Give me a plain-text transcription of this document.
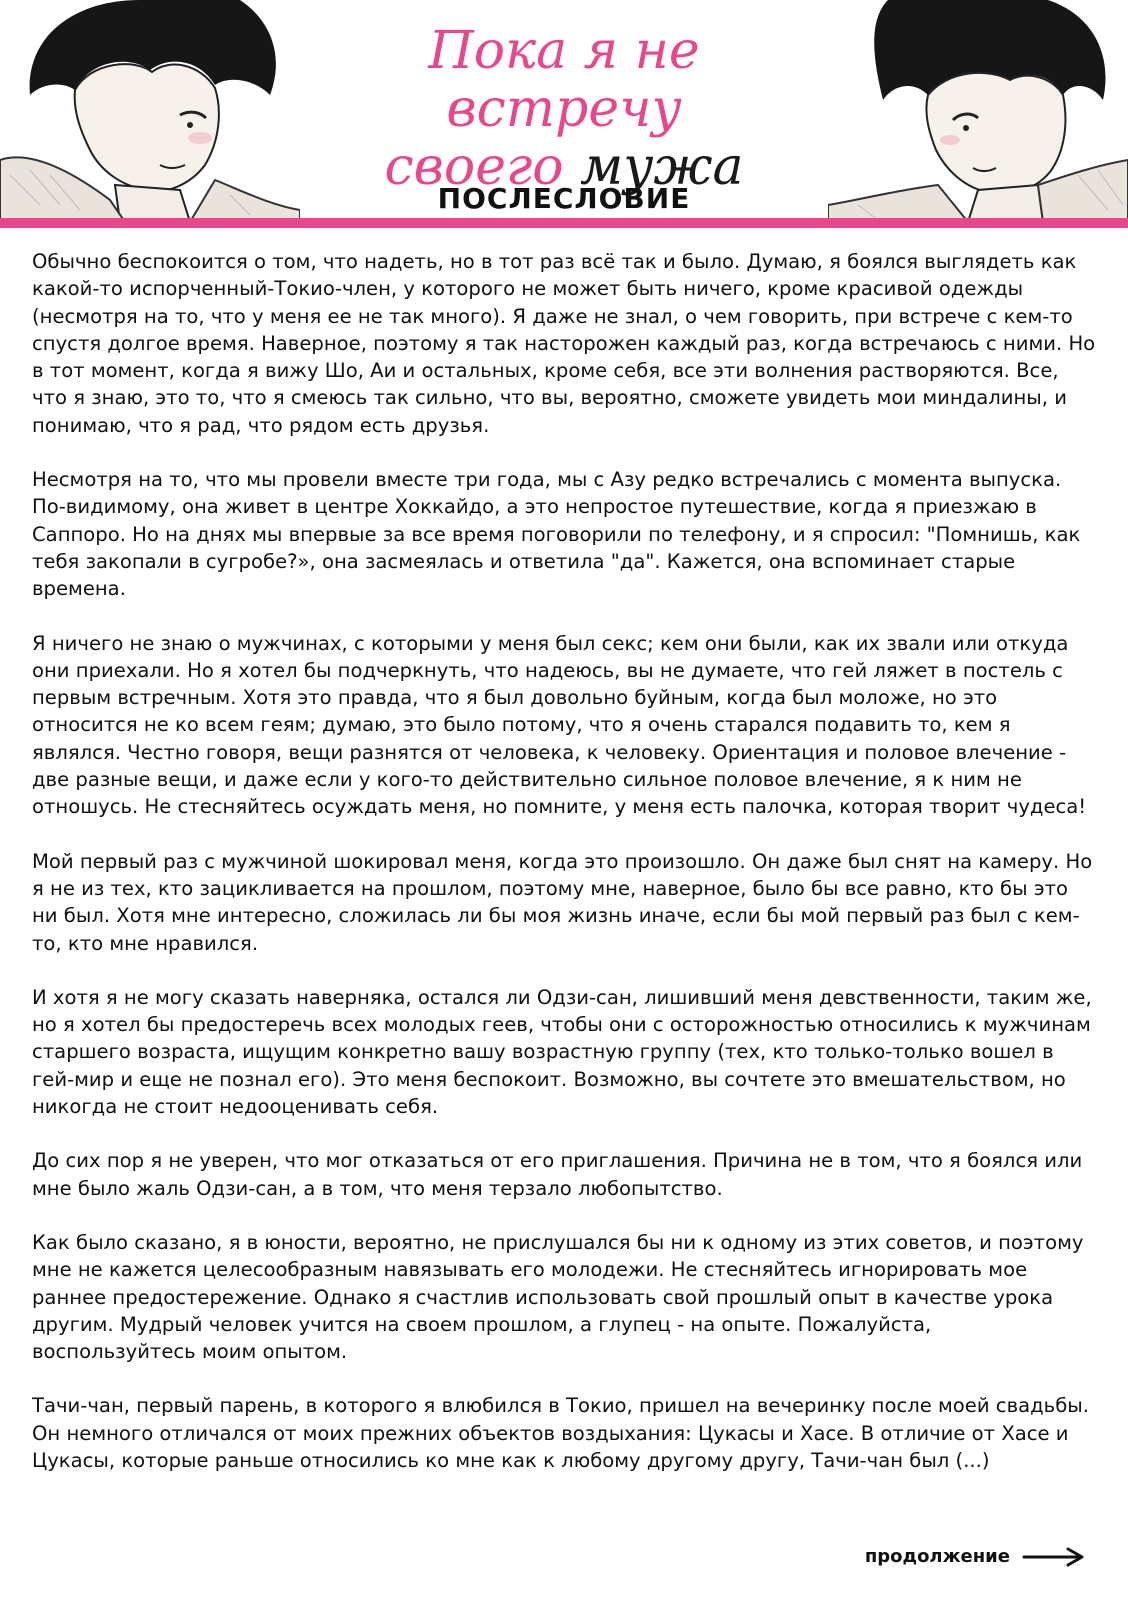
Пока я не встречу
своего мужа
ПОСЛЕСЛОВИЕ

Обычно беспокоится о том, что надеть, но в тот раз всё так и было. Думаю, я боялся выглядеть как какой-то испорченный-Токио-член, у которого не может быть ничего, кроме красивой одежды (несмотря на то, что у меня ее не так много). Я даже не знал, о чем говорить, при встрече с кем-то спустя долгое время. Наверное, поэтому я так насторожен каждый раз, когда встречаюсь с ними. Но в тот момент, когда я вижу Шо, Аи и остальных, кроме себя, все эти волнения растворяются. Все, что я знаю, это то, что я смеюсь так сильно, что вы, вероятно, сможете увидеть мои миндалины, и понимаю, что я рад, что рядом есть друзья.

Несмотря на то, что мы провели вместе три года, мы с Азу редко встречались с момента выпуска. По-видимому, она живет в центре Хоккайдо, а это непростое путешествие, когда я приезжаю в Саппоро. Но на днях мы впервые за все время поговорили по телефону, и я спросил: "Помнишь, как тебя закопали в сугробе?», она засмеялась и ответила "да". Кажется, она вспоминает старые времена.

Я ничего не знаю о мужчинах, с которыми у меня был секс; кем они были, как их звали или откуда они приехали. Но я хотел бы подчеркнуть, что надеюсь, вы не думаете, что гей ляжет в постель с первым встречным. Хотя это правда, что я был довольно буйным, когда был моложе, но это относится не ко всем геям; думаю, это было потому, что я очень старался подавить то, кем я являлся. Честно говоря, вещи разнятся от человека, к человеку. Ориентация и половое влечение - две разные вещи, и даже если у кого-то действительно сильное половое влечение, я к ним не отношусь. Не стесняйтесь осуждать меня, но помните, у меня есть палочка, которая творит чудеса!

Мой первый раз с мужчиной шокировал меня, когда это произошло. Он даже был снят на камеру. Но я не из тех, кто зацикливается на прошлом, поэтому мне, наверное, было бы все равно, кто бы это ни был. Хотя мне интересно, сложилась ли бы моя жизнь иначе, если бы мой первый раз был с кем-то, кто мне нравился.

И хотя я не могу сказать наверняка, остался ли Одзи-сан, лишивший меня девственности, таким же, но я хотел бы предостеречь всех молодых геев, чтобы они с осторожностью относились к мужчинам старшего возраста, ищущим конкретно вашу возрастную группу (тех, кто только-только вошел в гей-мир и еще не познал его). Это меня беспокоит. Возможно, вы сочтете это вмешательством, но никогда не стоит недооценивать себя.

До сих пор я не уверен, что мог отказаться от его приглашения. Причина не в том, что я боялся или мне было жаль Одзи-сан, а в том, что меня терзало любопытство.

Как было сказано, я в юности, вероятно, не прислушался бы ни к одному из этих советов, и поэтому мне не кажется целесообразным навязывать его молодежи. Не стесняйтесь игнорировать мое раннее предостережение. Однако я счастлив использовать свой прошлый опыт в качестве урока другим. Мудрый человек учится на своем прошлом, а глупец - на опыте. Пожалуйста, воспользуйтесь моим опытом.

Тачи-чан, первый парень, в которого я влюбился в Токио, пришел на вечеринку после моей свадьбы. Он немного отличался от моих прежних объектов воздыхания: Цукасы и Хасе. В отличие от Хасе и Цукасы, которые раньше относились ко мне как к любому другому другу, Тачи-чан был (...)

продолжение
